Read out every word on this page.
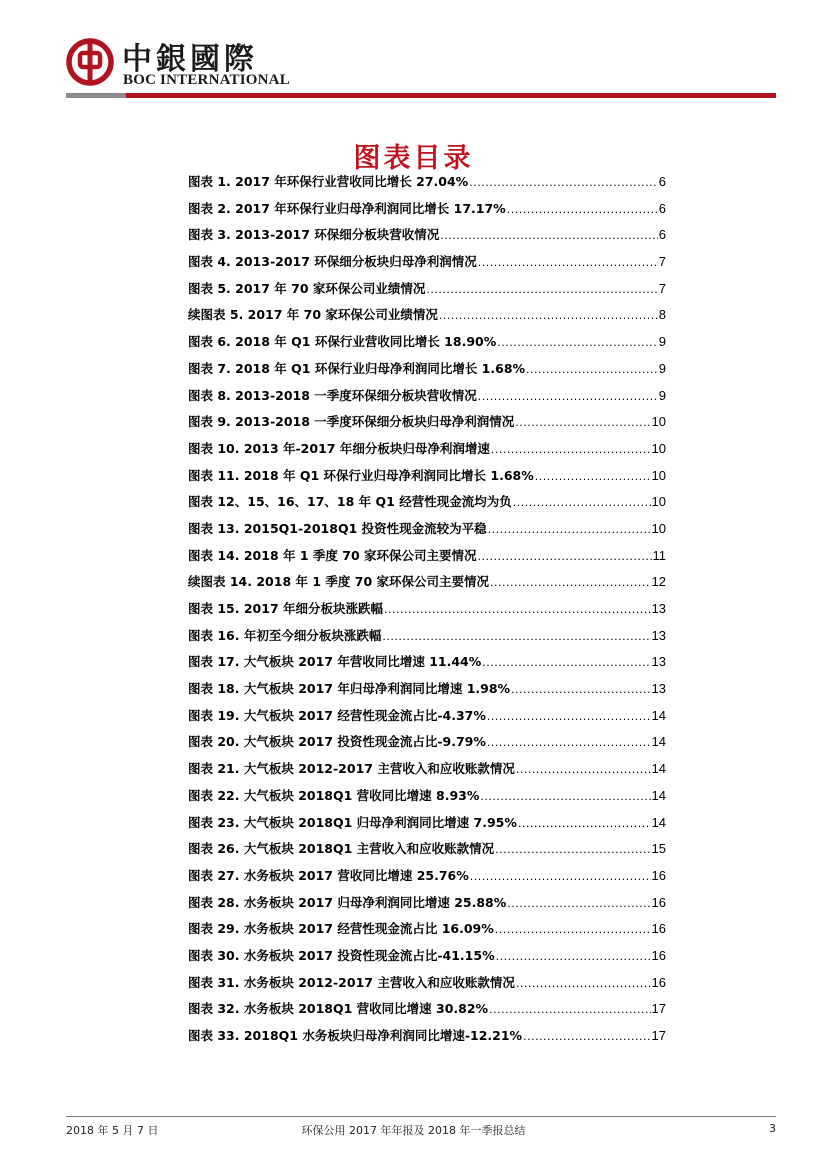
中銀國際
BOC INTERNATIONAL
图表目录
图表 1. 2017 年环保行业营收同比增长 27.04% .....	6
图表 2. 2017 年环保行业归母净利润同比增长 17.17% .....	6
图表 3. 2013-2017 环保细分板块营收情况 .....	6
图表 4. 2013-2017 环保细分板块归母净利润情况 .....	7
图表 5. 2017 年 70 家环保公司业绩情况 .....	7
续图表 5. 2017 年 70 家环保公司业绩情况 .....	8
图表 6. 2018 年 Q1 环保行业营收同比增长 18.90% .....	9
图表 7. 2018 年 Q1 环保行业归母净利润同比增长 1.68% .....	9
图表 8. 2013-2018 一季度环保细分板块营收情况 .....	9
图表 9. 2013-2018 一季度环保细分板块归母净利润情况 .....	10
图表 10. 2013 年-2017 年细分板块归母净利润增速 .....	10
图表 11. 2018 年 Q1 环保行业归母净利润同比增长 1.68% .....	10
图表 12、15、16、17、18 年 Q1 经营性现金流均为负 .....	10
图表 13. 2015Q1-2018Q1 投资性现金流较为平稳 .....	10
图表 14. 2018 年 1 季度 70 家环保公司主要情况 .....	11
续图表 14. 2018 年 1 季度 70 家环保公司主要情况 .....	12
图表 15. 2017 年细分板块涨跌幅 .....	13
图表 16. 年初至今细分板块涨跌幅 .....	13
图表 17. 大气板块 2017 年营收同比增速 11.44% .....	13
图表 18. 大气板块 2017 年归母净利润同比增速 1.98% .....	13
图表 19. 大气板块 2017 经营性现金流占比-4.37% .....	14
图表 20. 大气板块 2017 投资性现金流占比-9.79% .....	14
图表 21. 大气板块 2012-2017 主营收入和应收账款情况 .....	14
图表 22. 大气板块 2018Q1 营收同比增速 8.93% .....	14
图表 23. 大气板块 2018Q1 归母净利润同比增速 7.95% .....	14
图表 26. 大气板块 2018Q1 主营收入和应收账款情况 .....	15
图表 27. 水务板块 2017 营收同比增速 25.76% .....	16
图表 28. 水务板块 2017 归母净利润同比增速 25.88% .....	16
图表 29. 水务板块 2017 经营性现金流占比 16.09% .....	16
图表 30. 水务板块 2017 投资性现金流占比-41.15% .....	16
图表 31. 水务板块 2012-2017 主营收入和应收账款情况 .....	16
图表 32. 水务板块 2018Q1 营收同比增速 30.82% .....	17
图表 33. 2018Q1 水务板块归母净利润同比增速-12.21% .....	17
2018 年 5 月 7 日	环保公用 2017 年年报及 2018 年一季报总结	3
